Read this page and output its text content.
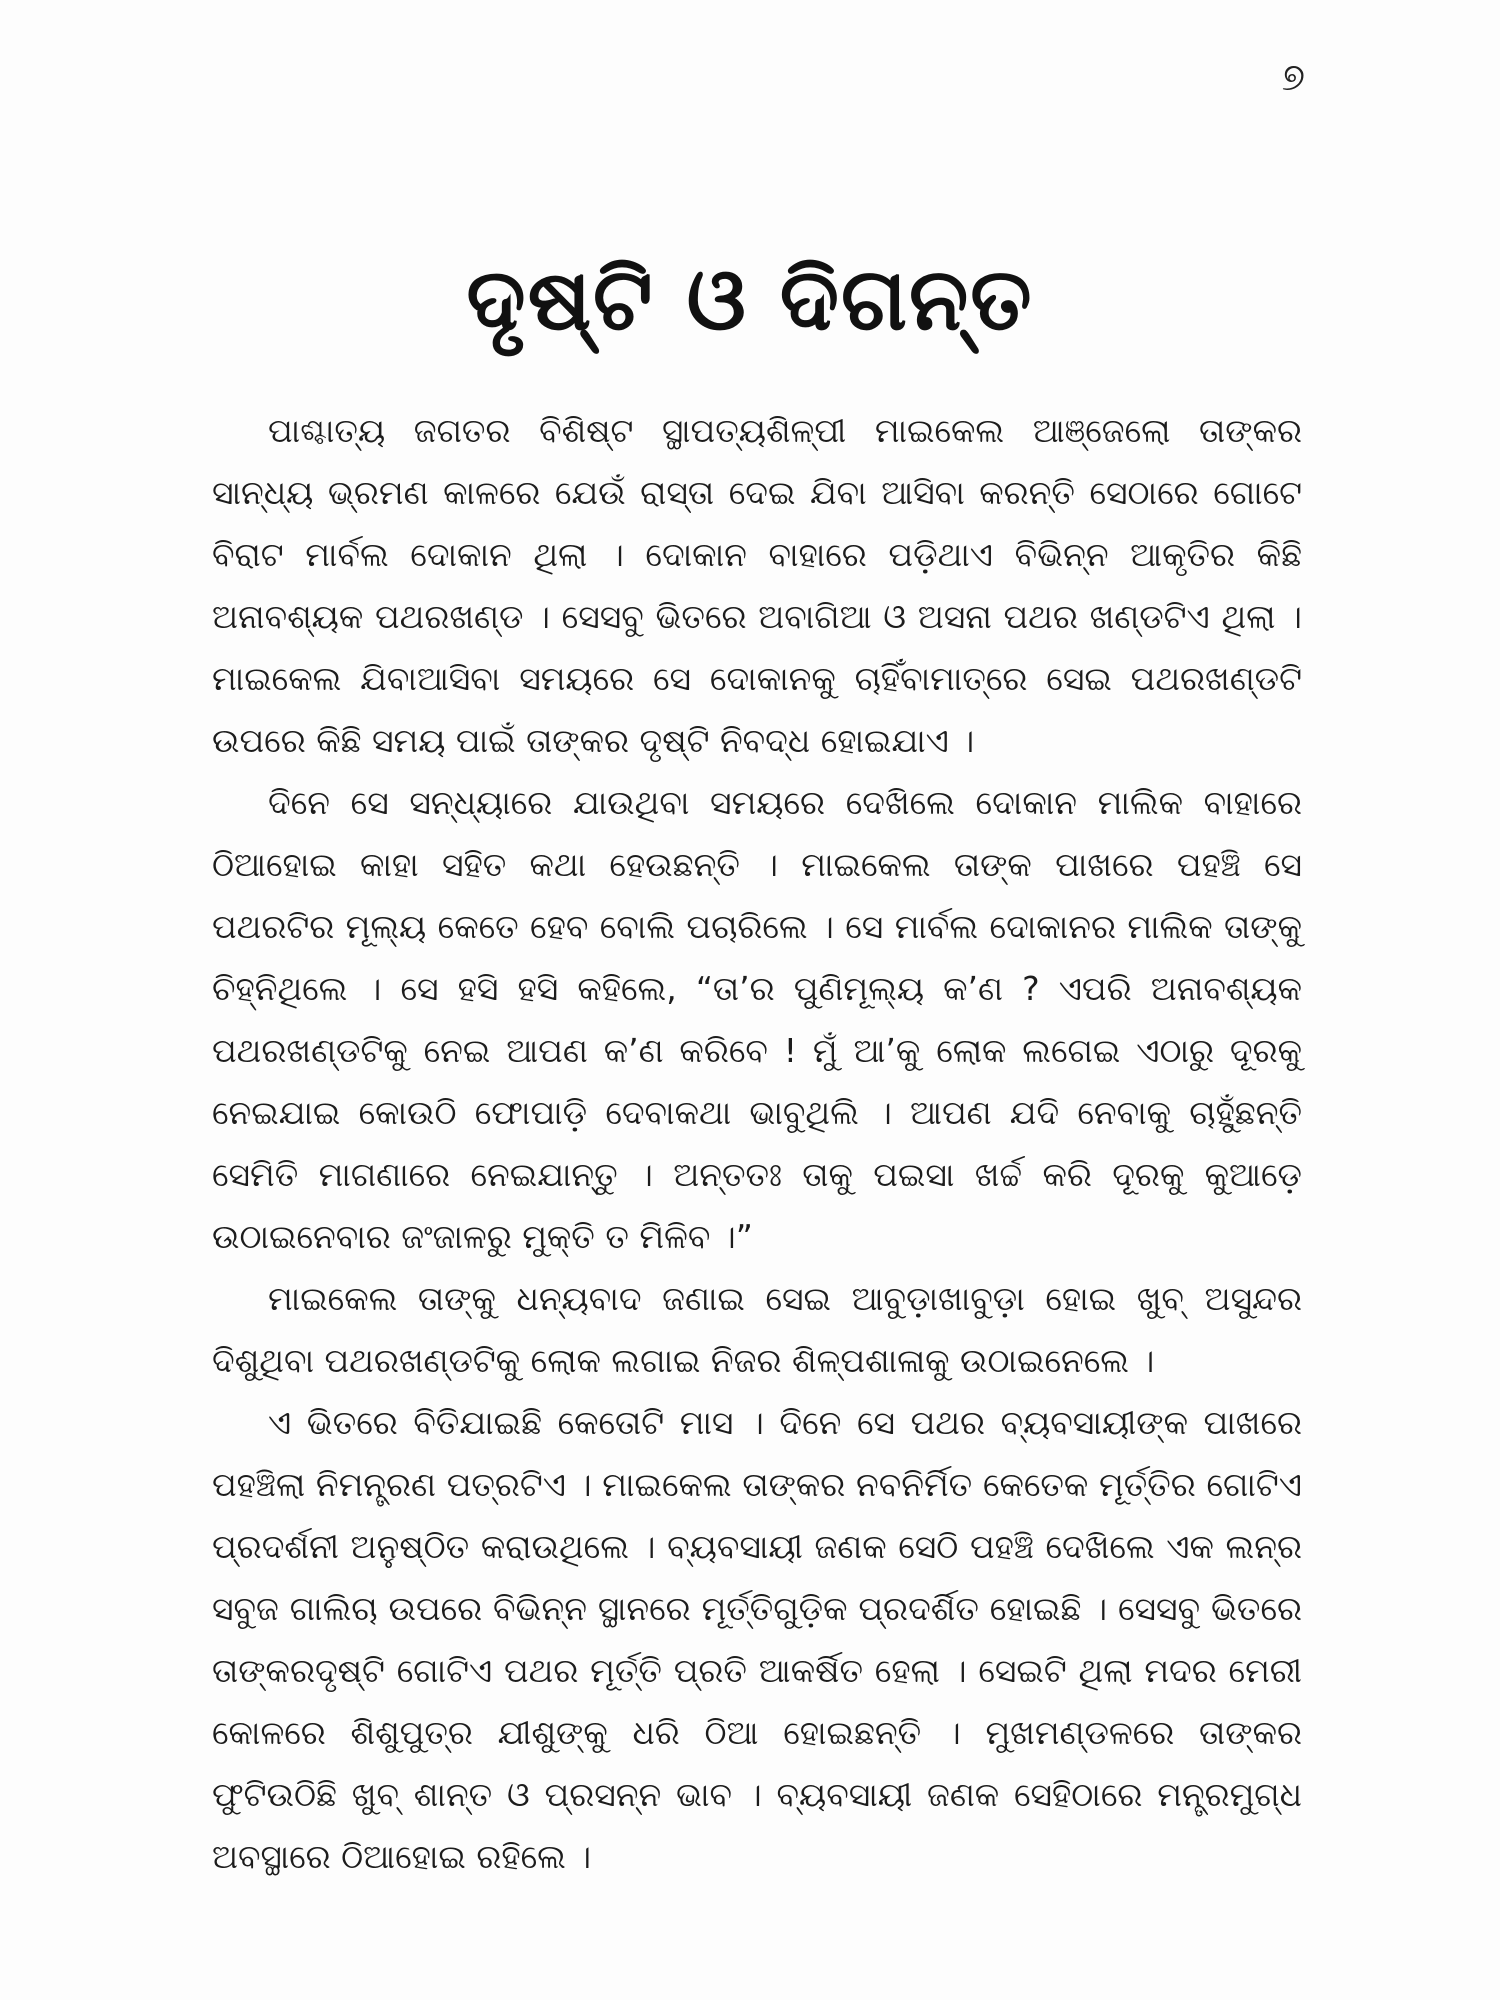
୭
ଦୃଷ୍ଟି ଓ ଦିଗନ୍ତ

ପାଶ୍ଚାତ୍ୟ ଜଗତର ବିଶିଷ୍ଟ ସ୍ଥାପତ୍ୟଶିଳ୍ପୀ ମାଇକେଲ ଆଞ୍ଜେଲୋ ତାଙ୍କର ସାନ୍ଧ୍ୟ ଭ୍ରମଣ କାଳରେ ଯେଉଁ ରାସ୍ତା ଦେଇ ଯିବା ଆସିବା କରନ୍ତି ସେଠାରେ ଗୋଟେ ବିରାଟ ମାର୍ବଲ ଦୋକାନ ଥିଲା । ଦୋକାନ ବାହାରେ ପଡ଼ିଥାଏ ବିଭିନ୍ନ ଆକୃତିର କିଛି ଅନାବଶ୍ୟକ ପଥରଖଣ୍ଡ । ସେସବୁ ଭିତରେ ଅବାଗିଆ ଓ ଅସନା ପଥର ଖଣ୍ଡଟିଏ ଥିଲା । ମାଇକେଲ ଯିବାଆସିବା ସମୟରେ ସେ ଦୋକାନକୁ ଚାହିଁବାମାତ୍ରେ ସେଇ ପଥରଖଣ୍ଡଟି ଉପରେ କିଛି ସମୟ ପାଇଁ ତାଙ୍କର ଦୃଷ୍ଟି ନିବଦ୍ଧ ହୋଇଯାଏ ।

ଦିନେ ସେ ସନ୍ଧ୍ୟାରେ ଯାଉଥିବା ସମୟରେ ଦେଖିଲେ ଦୋକାନ ମାଲିକ ବାହାରେ ଠିଆହୋଇ କାହା ସହିତ କଥା ହେଉଛନ୍ତି । ମାଇକେଲ ତାଙ୍କ ପାଖରେ ପହଞ୍ଚି ସେ ପଥରଟିର ମୂଲ୍ୟ କେତେ ହେବ ବୋଲି ପଚାରିଲେ । ସେ ମାର୍ବଲ ଦୋକାନର ମାଲିକ ତାଙ୍କୁ ଚିହ୍ନିଥିଲେ । ସେ ହସି ହସି କହିଲେ, “ତା’ର ପୁଣିମୂଲ୍ୟ କ’ଣ ? ଏପରି ଅନାବଶ୍ୟକ ପଥରଖଣ୍ଡଟିକୁ ନେଇ ଆପଣ କ’ଣ କରିବେ ! ମୁଁ ଆ’କୁ ଲୋକ ଲଗେଇ ଏଠାରୁ ଦୂରକୁ ନେଇଯାଇ କୋଉଠି ଫୋପାଡ଼ି ଦେବାକଥା ଭାବୁଥିଲି । ଆପଣ ଯଦି ନେବାକୁ ଚାହୁଁଛନ୍ତି ସେମିତି ମାଗଣାରେ ନେଇଯାନ୍ତୁ । ଅନ୍ତତଃ ତାକୁ ପଇସା ଖର୍ଚ୍ଚ କରି ଦୂରକୁ କୁଆଡ଼େ ଉଠାଇନେବାର ଜଂଜାଳରୁ ମୁକ୍ତି ତ ମିଳିବ ।”

ମାଇକେଲ ତାଙ୍କୁ ଧନ୍ୟବାଦ ଜଣାଇ ସେଇ ଆବୁଡ଼ାଖାବୁଡ଼ା ହୋଇ ଖୁବ୍ ଅସୁନ୍ଦର ଦିଶୁଥିବା ପଥରଖଣ୍ଡଟିକୁ ଲୋକ ଲଗାଇ ନିଜର ଶିଳ୍ପଶାଳାକୁ ଉଠାଇନେଲେ ।

ଏ ଭିତରେ ବିତିଯାଇଛି କେତୋଟି ମାସ । ଦିନେ ସେ ପଥର ବ୍ୟବସାୟୀଙ୍କ ପାଖରେ ପହଞ୍ଚିଲା ନିମନ୍ତ୍ରଣ ପତ୍ରଟିଏ । ମାଇକେଲ ତାଙ୍କର ନବନିର୍ମିତ କେତେକ ମୂର୍ତ୍ତିର ଗୋଟିଏ ପ୍ରଦର୍ଶନୀ ଅନୁଷ୍ଠିତ କରାଉଥିଲେ । ବ୍ୟବସାୟୀ ଜଣକ ସେଠି ପହଞ୍ଚି ଦେଖିଲେ ଏକ ଲନ୍‌ର ସବୁଜ ଗାଲିଚା ଉପରେ ବିଭିନ୍ନ ସ୍ଥାନରେ ମୂର୍ତ୍ତିଗୁଡ଼ିକ ପ୍ରଦର୍ଶିତ ହୋଇଛି । ସେସବୁ ଭିତରେ ତାଙ୍କରଦୃଷ୍ଟି ଗୋଟିଏ ପଥର ମୂର୍ତ୍ତି ପ୍ରତି ଆକର୍ଷିତ ହେଲା । ସେଇଟି ଥିଲା ମଦର ମେରୀ କୋଳରେ ଶିଶୁପୁତ୍ର ଯୀଶୁଙ୍କୁ ଧରି ଠିଆ ହୋଇଛନ୍ତି । ମୁଖମଣ୍ଡଳରେ ତାଙ୍କର ଫୁଟିଉଠିଛି ଖୁବ୍ ଶାନ୍ତ ଓ ପ୍ରସନ୍ନ ଭାବ । ବ୍ୟବସାୟୀ ଜଣକ ସେହିଠାରେ ମନ୍ତ୍ରମୁଗ୍ଧ ଅବସ୍ଥାରେ ଠିଆହୋଇ ରହିଲେ ।
